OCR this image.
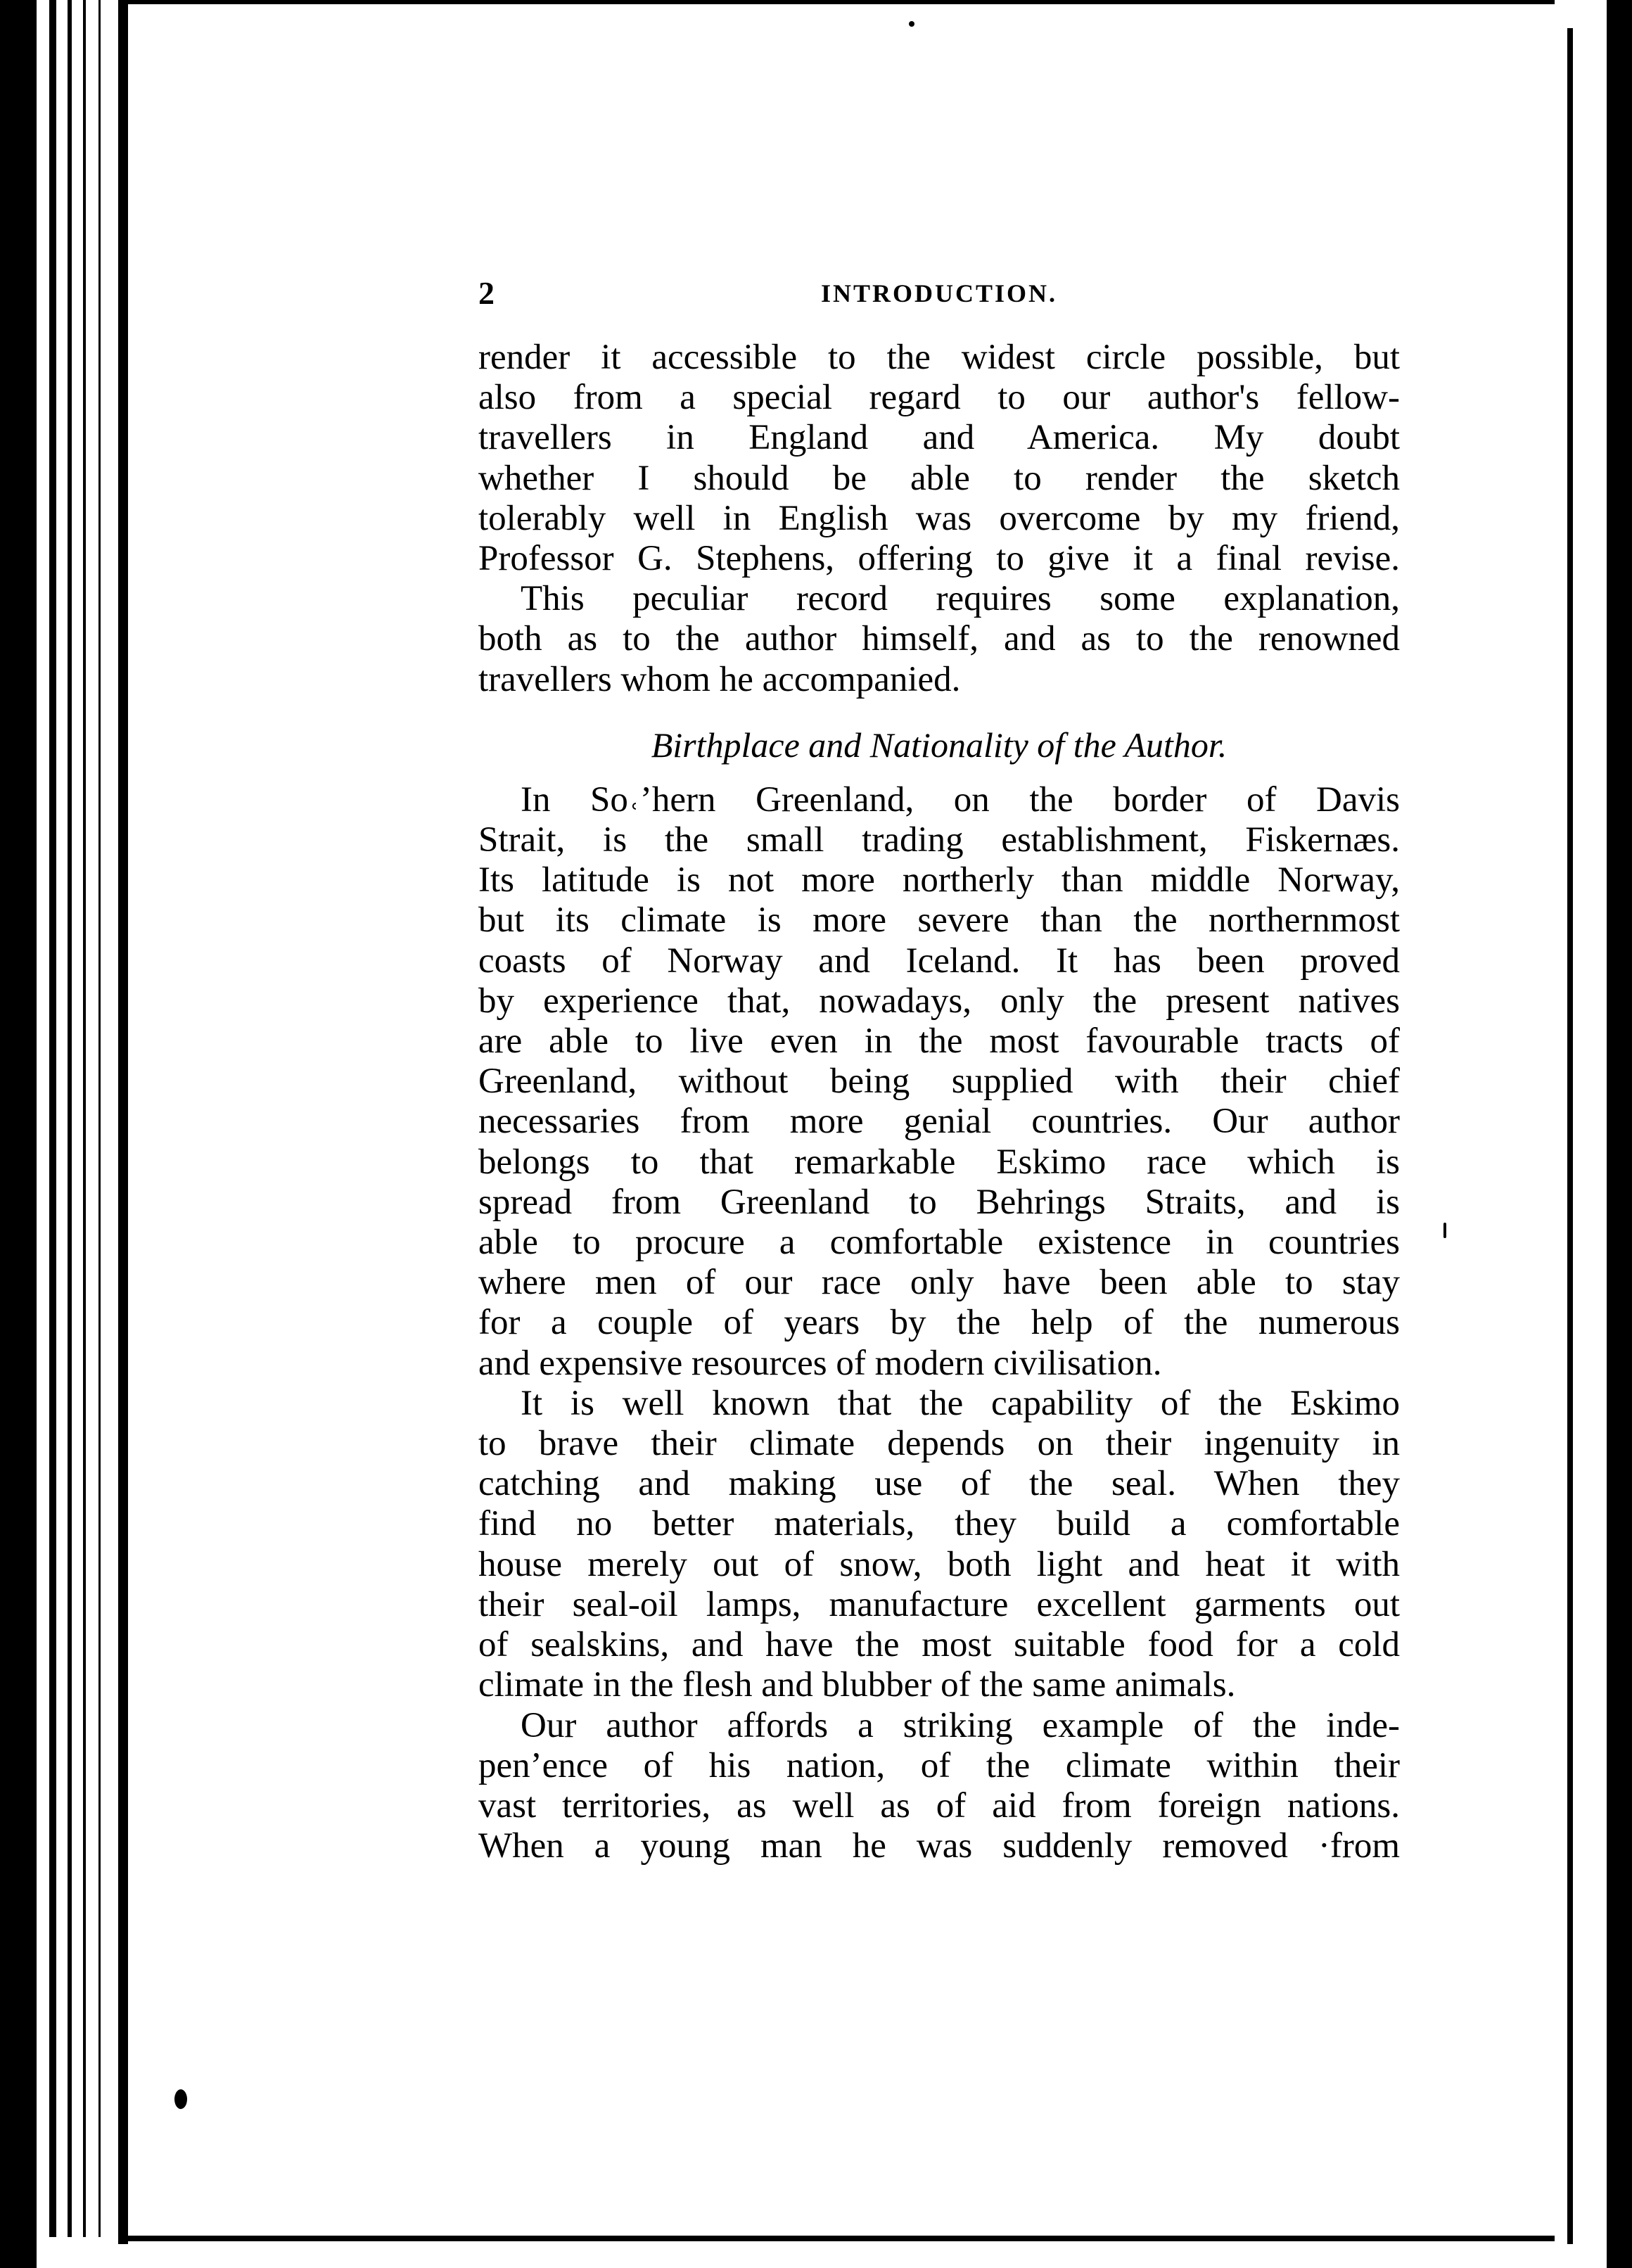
2	INTRODUCTION.
render it accessible to the widest circle possible, but
also from a special regard to our author's fellow-
travellers in England and America. My doubt
whether I should be able to render the sketch
tolerably well in English was overcome by my friend,
Professor G. Stephens, offering to give it a final revise.
This peculiar record requires some explanation,
both as to the author himself, and as to the renowned
travellers whom he accompanied.
Birthplace and Nationality of the Author.
In So˓ʼhern Greenland, on the border of Davis
Strait, is the small trading establishment, Fiskernæs.
Its latitude is not more northerly than middle Norway,
but its climate is more severe than the northernmost
coasts of Norway and Iceland. It has been proved
by experience that, nowadays, only the present natives
are able to live even in the most favourable tracts of
Greenland, without being supplied with their chief
necessaries from more genial countries. Our author
belongs to that remarkable Eskimo race which is
spread from Greenland to Behrings Straits, and is
able to procure a comfortable existence in countries
where men of our race only have been able to stay
for a couple of years by the help of the numerous
and expensive resources of modern civilisation.
It is well known that the capability of the Eskimo
to brave their climate depends on their ingenuity in
catching and making use of the seal. When they
find no better materials, they build a comfortable
house merely out of snow, both light and heat it with
their seal-oil lamps, manufacture excellent garments out
of sealskins, and have the most suitable food for a cold
climate in the flesh and blubber of the same animals.
Our author affords a striking example of the inde-
penʼence of his nation, of the climate within their
vast territories, as well as of aid from foreign nations.
When a young man he was suddenly removed ·from
